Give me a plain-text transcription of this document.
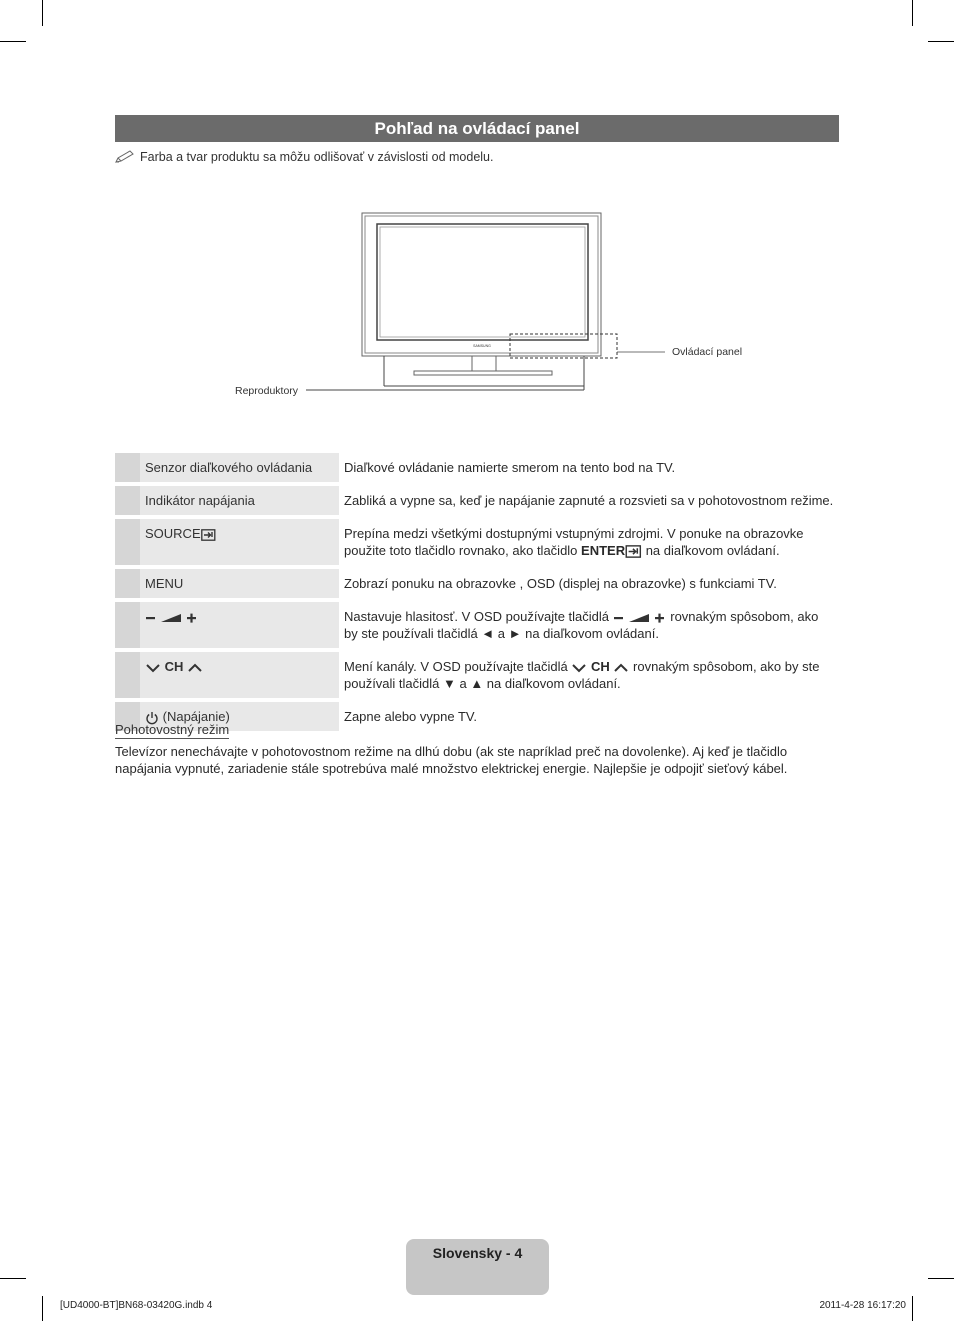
Pohľad na ovládací panel
Farba a tvar produktu sa môžu odlišovať v závislosti od modelu.
SAMSUNG	Ovládací panel
Reproduktory
	Senzor diaľkového ovládania	Diaľkové ovládanie namierte smerom na tento bod na TV.
	Indikátor napájania	Zabliká a vypne sa, keď je napájanie zapnuté a rozsvieti sa v pohotovostnom režime.
	SOURCE	Prepína medzi všetkými dostupnými vstupnými zdrojmi. V ponuke na obrazovke použite toto tlačidlo rovnako, ako tlačidlo ENTER na diaľkovom ovládaní.
	MENU	Zobrazí ponuku na obrazovke , OSD (displej na obrazovke) s funkciami TV.
		Nastavuje hlasitosť. V OSD používajte tlačidlá rovnakým spôsobom, ako by ste používali tlačidlá ◄ a ► na diaľkovom ovládaní.
	CH	Mení kanály. V OSD používajte tlačidlá  CH  rovnakým spôsobom, ako by ste používali tlačidlá ▼ a ▲ na diaľkovom ovládaní.
	(Napájanie)	Zapne alebo vypne TV.
Pohotovostný režim
Televízor nenechávajte v pohotovostnom režime na dlhú dobu (ak ste napríklad preč na dovolenke). Aj keď je tlačidlo napájania vypnuté, zariadenie stále spotrebúva malé množstvo elektrickej energie. Najlepšie je odpojiť sieťový kábel.
Slovensky - 4
[UD4000-BT]BN68-03420G.indb 4	2011-4-28 16:17:20
